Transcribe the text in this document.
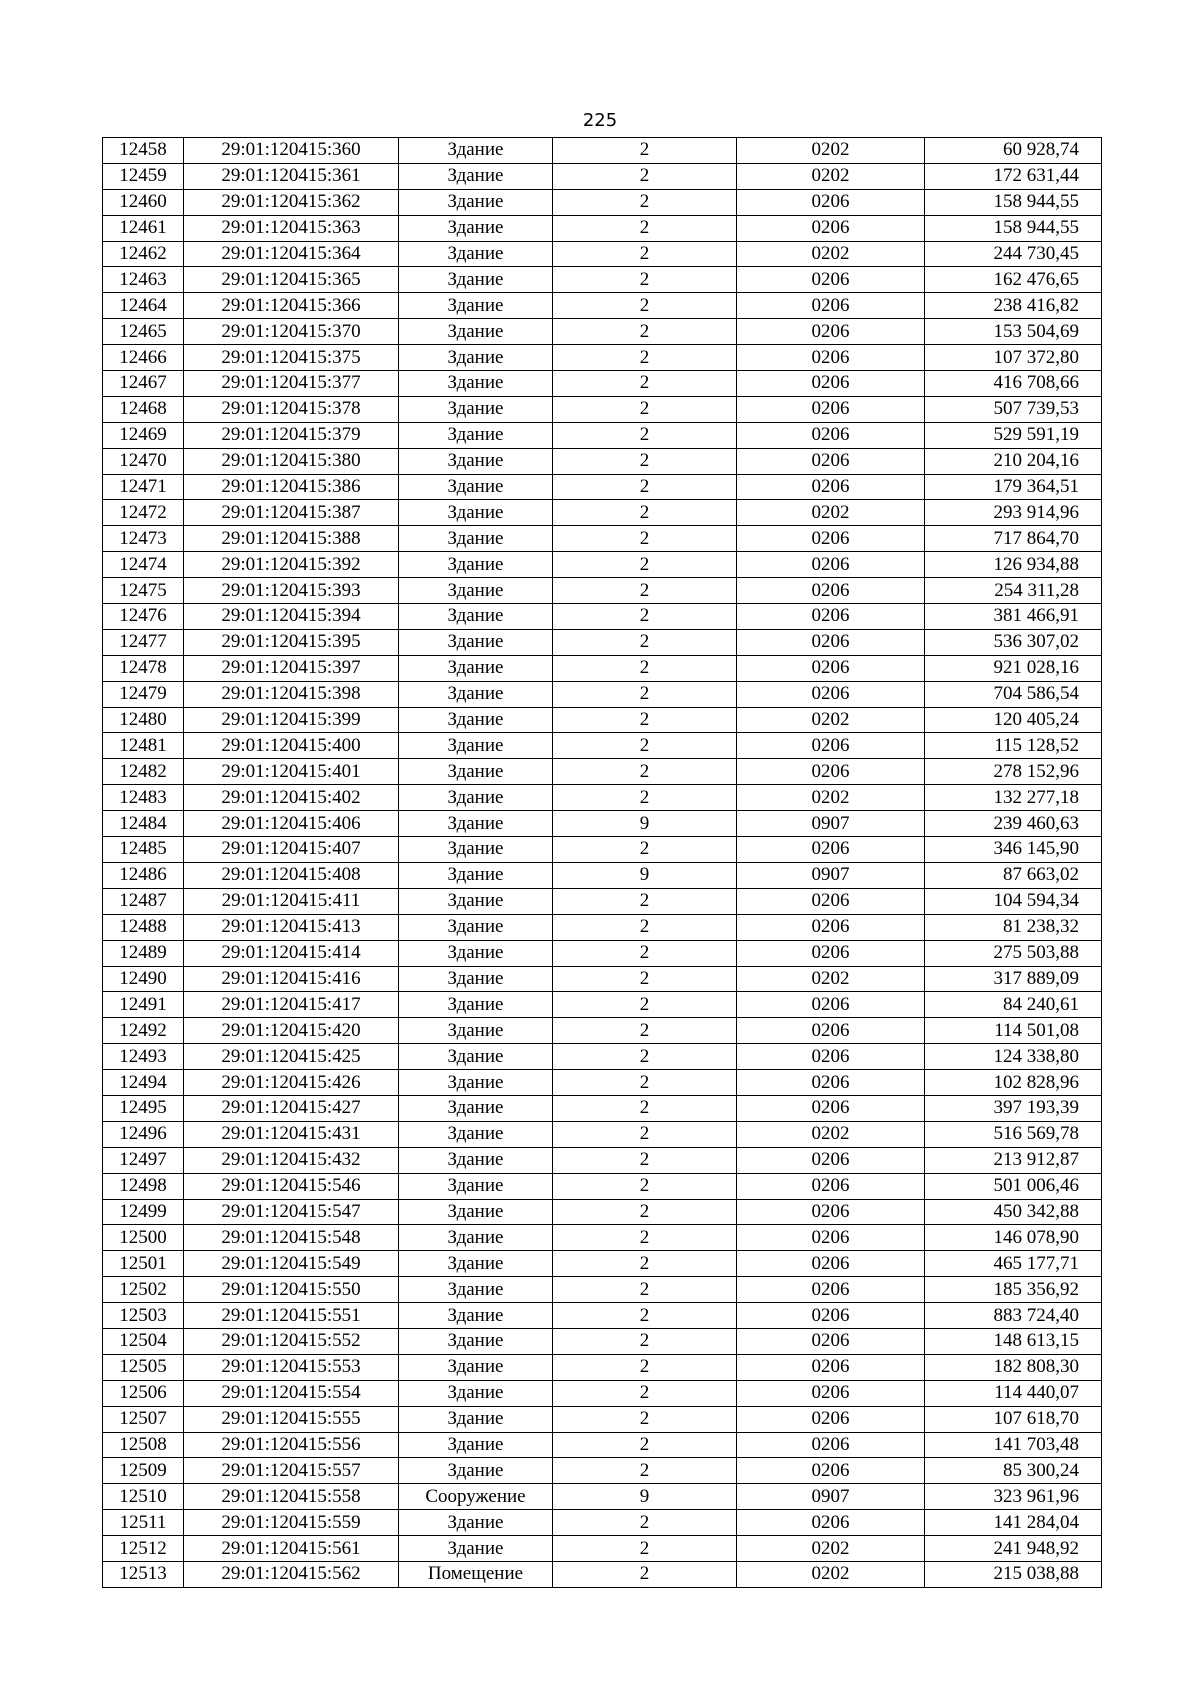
225
12458	29:01:120415:360	Здание	2	0202	60 928,74
12459	29:01:120415:361	Здание	2	0202	172 631,44
12460	29:01:120415:362	Здание	2	0206	158 944,55
12461	29:01:120415:363	Здание	2	0206	158 944,55
12462	29:01:120415:364	Здание	2	0202	244 730,45
12463	29:01:120415:365	Здание	2	0206	162 476,65
12464	29:01:120415:366	Здание	2	0206	238 416,82
12465	29:01:120415:370	Здание	2	0206	153 504,69
12466	29:01:120415:375	Здание	2	0206	107 372,80
12467	29:01:120415:377	Здание	2	0206	416 708,66
12468	29:01:120415:378	Здание	2	0206	507 739,53
12469	29:01:120415:379	Здание	2	0206	529 591,19
12470	29:01:120415:380	Здание	2	0206	210 204,16
12471	29:01:120415:386	Здание	2	0206	179 364,51
12472	29:01:120415:387	Здание	2	0202	293 914,96
12473	29:01:120415:388	Здание	2	0206	717 864,70
12474	29:01:120415:392	Здание	2	0206	126 934,88
12475	29:01:120415:393	Здание	2	0206	254 311,28
12476	29:01:120415:394	Здание	2	0206	381 466,91
12477	29:01:120415:395	Здание	2	0206	536 307,02
12478	29:01:120415:397	Здание	2	0206	921 028,16
12479	29:01:120415:398	Здание	2	0206	704 586,54
12480	29:01:120415:399	Здание	2	0202	120 405,24
12481	29:01:120415:400	Здание	2	0206	115 128,52
12482	29:01:120415:401	Здание	2	0206	278 152,96
12483	29:01:120415:402	Здание	2	0202	132 277,18
12484	29:01:120415:406	Здание	9	0907	239 460,63
12485	29:01:120415:407	Здание	2	0206	346 145,90
12486	29:01:120415:408	Здание	9	0907	87 663,02
12487	29:01:120415:411	Здание	2	0206	104 594,34
12488	29:01:120415:413	Здание	2	0206	81 238,32
12489	29:01:120415:414	Здание	2	0206	275 503,88
12490	29:01:120415:416	Здание	2	0202	317 889,09
12491	29:01:120415:417	Здание	2	0206	84 240,61
12492	29:01:120415:420	Здание	2	0206	114 501,08
12493	29:01:120415:425	Здание	2	0206	124 338,80
12494	29:01:120415:426	Здание	2	0206	102 828,96
12495	29:01:120415:427	Здание	2	0206	397 193,39
12496	29:01:120415:431	Здание	2	0202	516 569,78
12497	29:01:120415:432	Здание	2	0206	213 912,87
12498	29:01:120415:546	Здание	2	0206	501 006,46
12499	29:01:120415:547	Здание	2	0206	450 342,88
12500	29:01:120415:548	Здание	2	0206	146 078,90
12501	29:01:120415:549	Здание	2	0206	465 177,71
12502	29:01:120415:550	Здание	2	0206	185 356,92
12503	29:01:120415:551	Здание	2	0206	883 724,40
12504	29:01:120415:552	Здание	2	0206	148 613,15
12505	29:01:120415:553	Здание	2	0206	182 808,30
12506	29:01:120415:554	Здание	2	0206	114 440,07
12507	29:01:120415:555	Здание	2	0206	107 618,70
12508	29:01:120415:556	Здание	2	0206	141 703,48
12509	29:01:120415:557	Здание	2	0206	85 300,24
12510	29:01:120415:558	Сооружение	9	0907	323 961,96
12511	29:01:120415:559	Здание	2	0206	141 284,04
12512	29:01:120415:561	Здание	2	0202	241 948,92
12513	29:01:120415:562	Помещение	2	0202	215 038,88
